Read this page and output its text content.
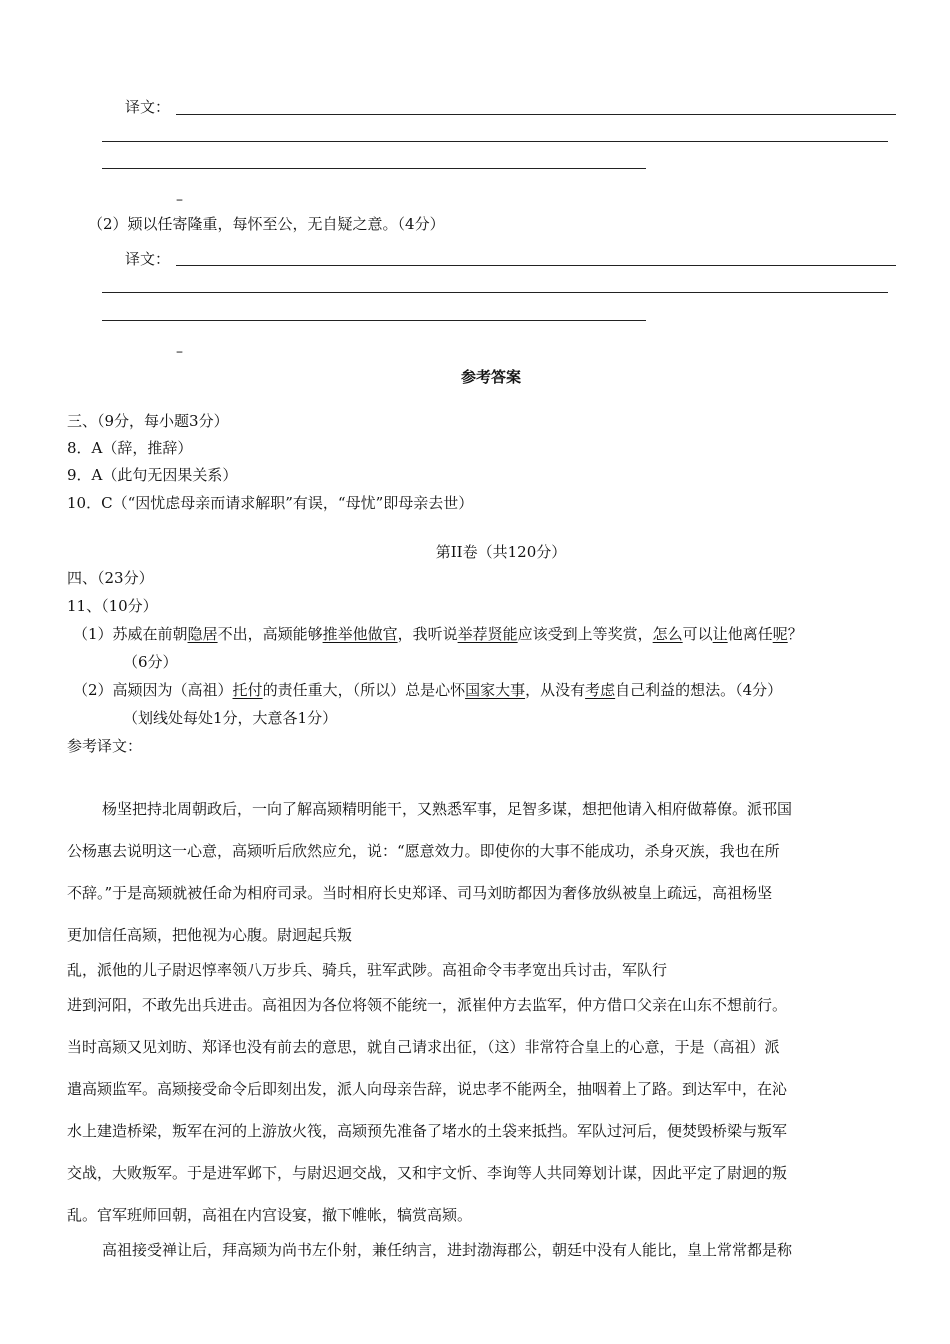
译文：
–
（2）颎以任寄隆重，每怀至公，无自疑之意。（4分）
译文：
–
参考答案
三、（9分，每小题3分）
8．A（辞，推辞）
9．A（此句无因果关系）
10．C（“因忧虑母亲而请求解职”有误，“母忧”即母亲去世）
第II卷（共120分）
四、（23分）
11、（10分）
（1）苏威在前朝隐居不出，高颎能够推举他做官，我听说举荐贤能应该受到上等奖赏，怎么可以让他离任呢？
（6分）
（2）高颎因为（高祖）托付的责任重大，（所以）总是心怀国家大事，从没有考虑自己利益的想法。（4分）
（划线处每处1分，大意各1分）
参考译文：
杨坚把持北周朝政后，一向了解高颎精明能干，又熟悉军事，足智多谋，想把他请入相府做幕僚。派邗国
公杨惠去说明这一心意，高颎听后欣然应允，说：“愿意效力。即使你的大事不能成功，杀身灭族，我也在所
不辞。”于是高颎就被任命为相府司录。当时相府长史郑译、司马刘昉都因为奢侈放纵被皇上疏远，高祖杨坚
更加信任高颎，把他视为心腹。尉迥起兵叛
乱，派他的儿子尉迟惇率领八万步兵、骑兵，驻军武陟。高祖命令韦孝宽出兵讨击，军队行
进到河阳，不敢先出兵进击。高祖因为各位将领不能统一，派崔仲方去监军，仲方借口父亲在山东不想前行。
当时高颎又见刘昉、郑译也没有前去的意思，就自己请求出征，（这）非常符合皇上的心意，于是（高祖）派
遣高颎监军。高颎接受命令后即刻出发，派人向母亲告辞，说忠孝不能两全，抽咽着上了路。到达军中，在沁
水上建造桥梁，叛军在河的上游放火筏，高颎预先准备了堵水的土袋来抵挡。军队过河后，便焚毁桥梁与叛军
交战，大败叛军。于是进军邺下，与尉迟迥交战，又和宇文忻、李询等人共同筹划计谋，因此平定了尉迥的叛
乱。官军班师回朝，高祖在内宫设宴，撤下帷帐，犒赏高颎。
高祖接受禅让后，拜高颎为尚书左仆射，兼任纳言，进封渤海郡公，朝廷中没有人能比，皇上常常都是称
